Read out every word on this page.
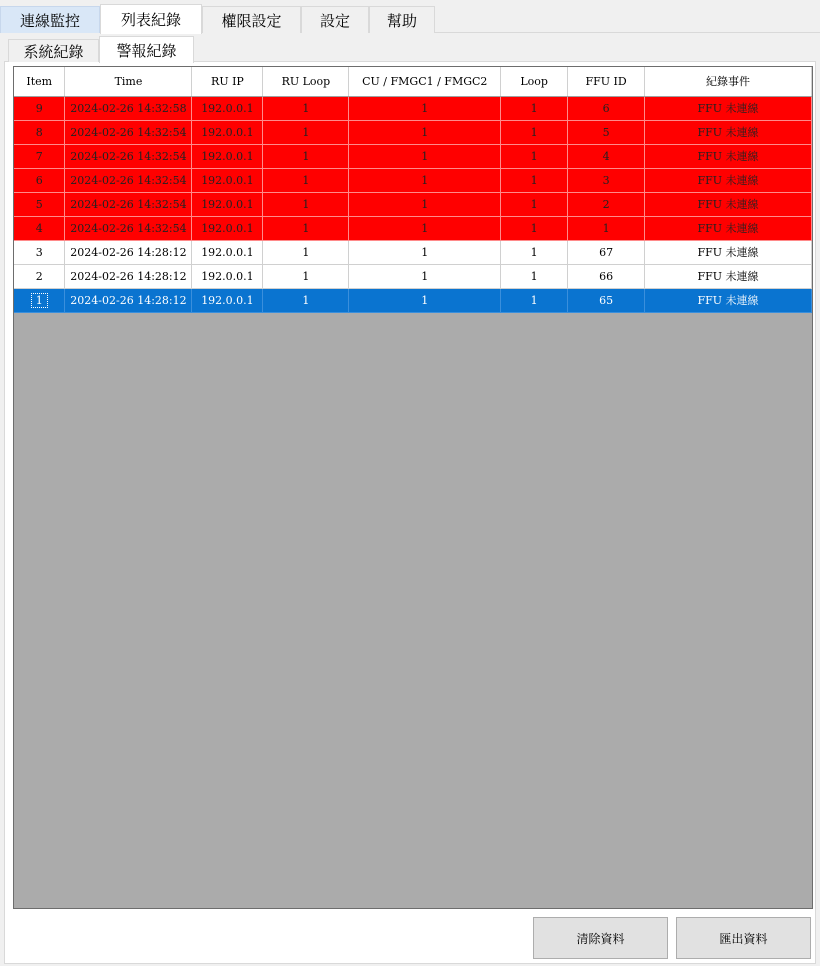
連線監控	列表紀錄	權限設定	設定	幫助
系統紀錄	警報紀錄
Item	Time	RU IP	RU Loop	CU / FMGC1 / FMGC2	Loop	FFU ID	紀錄事件
9	2024-02-26 14:32:58	192.0.0.1	1	1	1	6	FFU 未連線
8	2024-02-26 14:32:54	192.0.0.1	1	1	1	5	FFU 未連線
7	2024-02-26 14:32:54	192.0.0.1	1	1	1	4	FFU 未連線
6	2024-02-26 14:32:54	192.0.0.1	1	1	1	3	FFU 未連線
5	2024-02-26 14:32:54	192.0.0.1	1	1	1	2	FFU 未連線
4	2024-02-26 14:32:54	192.0.0.1	1	1	1	1	FFU 未連線
3	2024-02-26 14:28:12	192.0.0.1	1	1	1	67	FFU 未連線
2	2024-02-26 14:28:12	192.0.0.1	1	1	1	66	FFU 未連線
1	2024-02-26 14:28:12	192.0.0.1	1	1	1	65	FFU 未連線
清除資料	匯出資料
